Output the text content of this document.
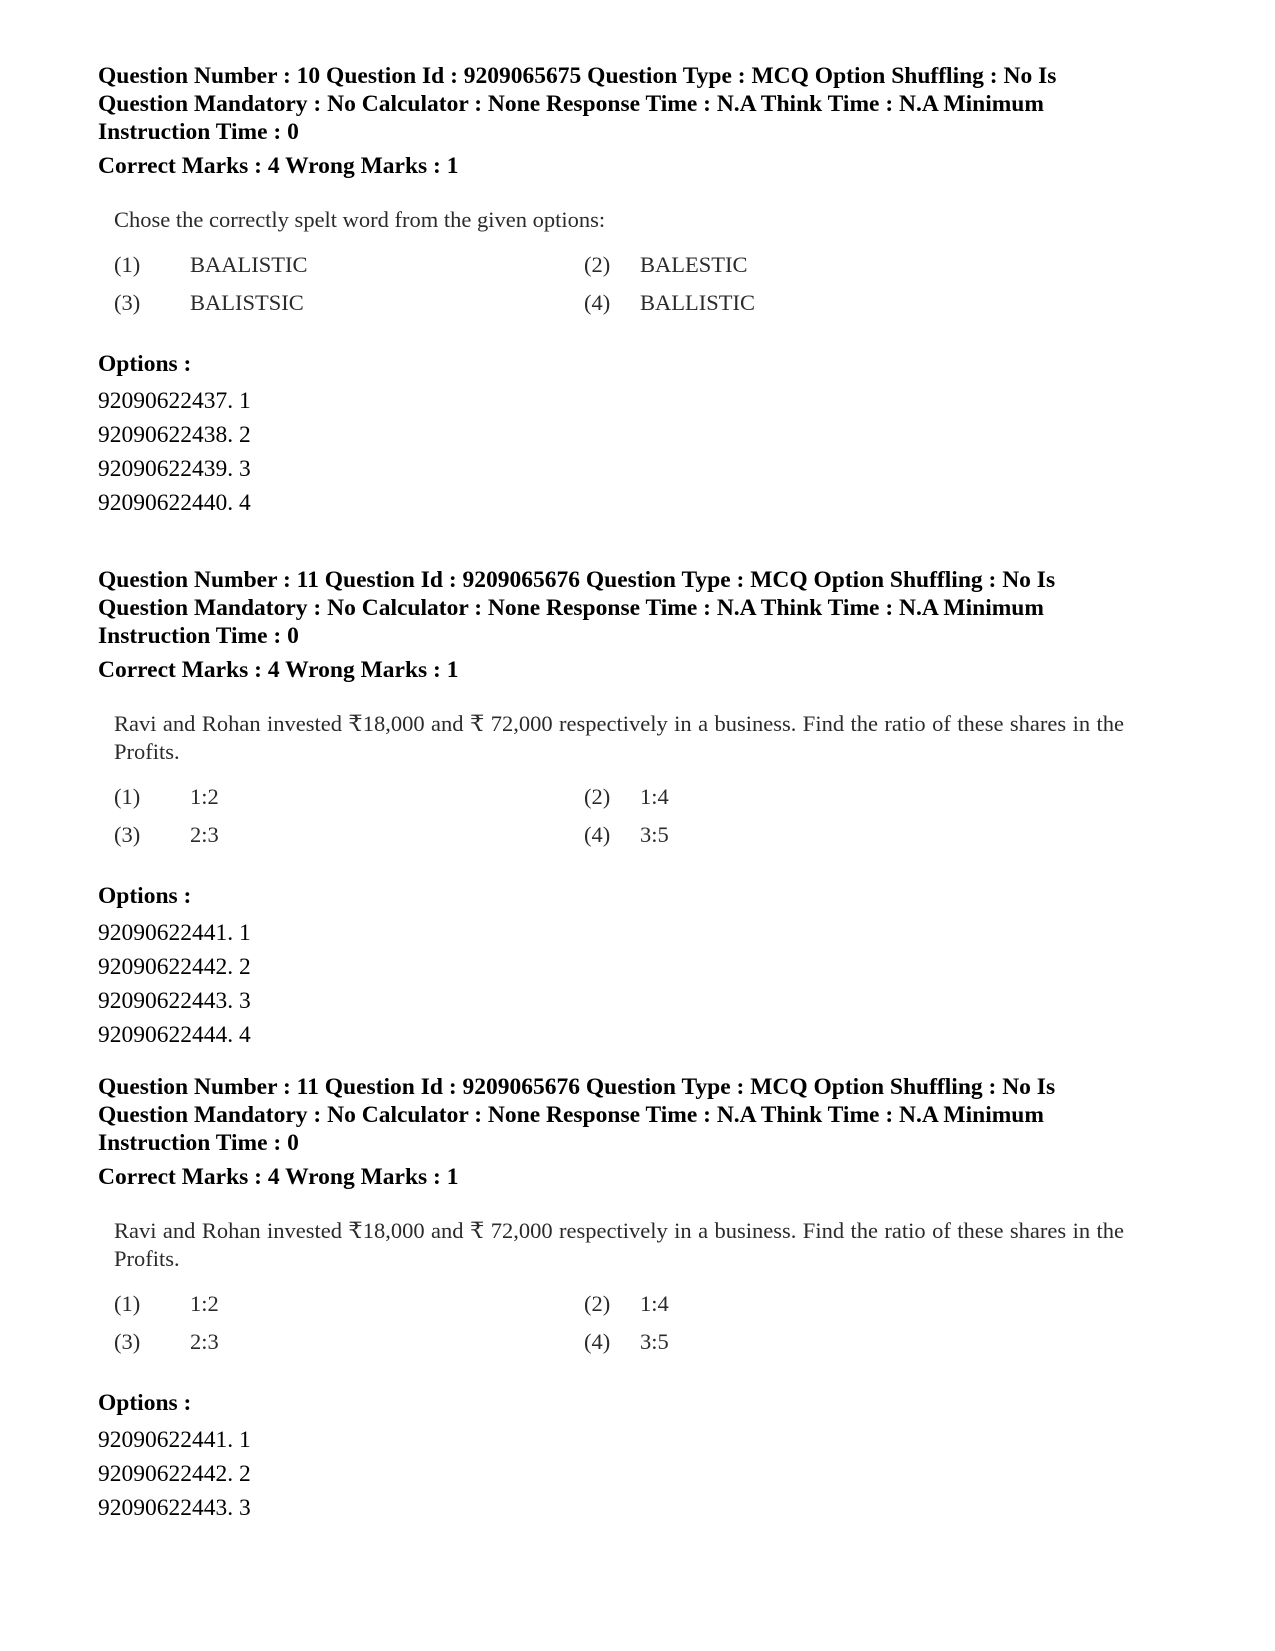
Question Number : 10 Question Id : 9209065675 Question Type : MCQ Option Shuffling : No Is

Question Mandatory : No Calculator : None Response Time : N.A Think Time : N.A Minimum

Instruction Time : 0

Correct Marks : 4 Wrong Marks : 1

Chose the correctly spelt word from the given options:

(1)	BAALISTIC	(2)	BALESTIC
(3)	BALISTSIC	(4)	BALLISTIC
Options :
92090622437. 1
92090622438. 2
92090622439. 3
92090622440. 4

Question Number : 11 Question Id : 9209065676 Question Type : MCQ Option Shuffling : No Is

Question Mandatory : No Calculator : None Response Time : N.A Think Time : N.A Minimum

Instruction Time : 0

Correct Marks : 4 Wrong Marks : 1

Ravi and Rohan invested ₹18,000 and ₹ 72,000 respectively in a business. Find the ratio of these shares in the Profits.

(1)	1:2	(2)	1:4
(3)	2:3	(4)	3:5
Options :
92090622441. 1
92090622442. 2
92090622443. 3
92090622444. 4

Question Number : 11 Question Id : 9209065676 Question Type : MCQ Option Shuffling : No Is

Question Mandatory : No Calculator : None Response Time : N.A Think Time : N.A Minimum

Instruction Time : 0

Correct Marks : 4 Wrong Marks : 1

Ravi and Rohan invested ₹18,000 and ₹ 72,000 respectively in a business. Find the ratio of these shares in the Profits.

(1)	1:2	(2)	1:4
(3)	2:3	(4)	3:5
Options :
92090622441. 1
92090622442. 2
92090622443. 3
